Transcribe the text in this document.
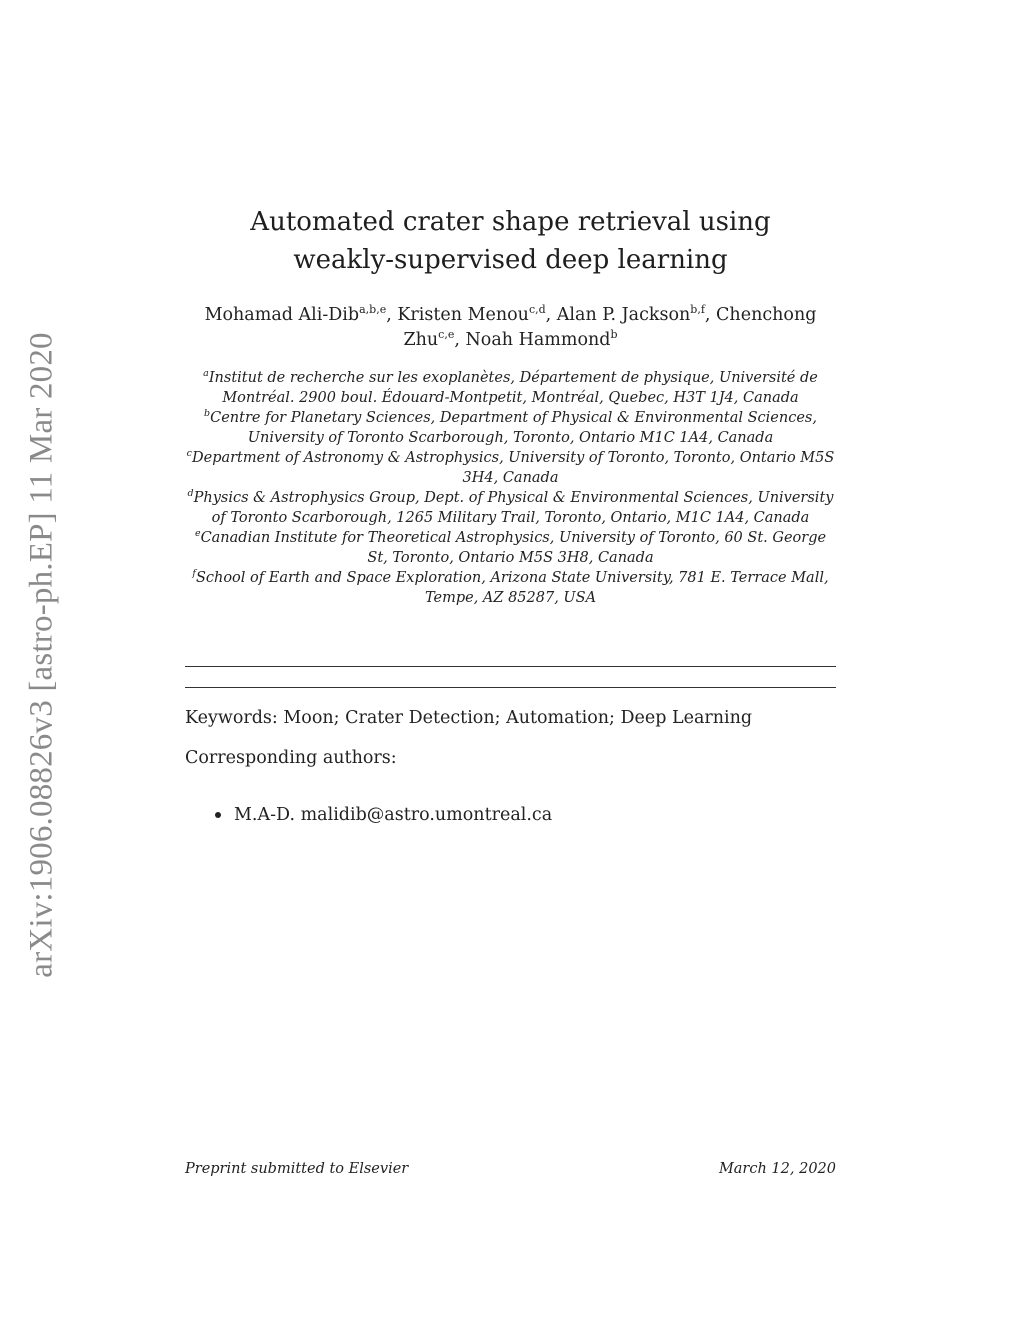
arXiv:1906.08826v3 [astro-ph.EP] 11 Mar 2020
Automated crater shape retrieval using
weakly-supervised deep learning
Mohamad Ali-Dib$^{a,b,e}$, Kristen Menou$^{c,d}$, Alan P. Jackson$^{b,f}$, Chenchong Zhu$^{c,e}$, Noah Hammond$^b$
$^a$Institut de recherche sur les exoplanètes, Département de physique, Université de Montréal. 2900 boul. Édouard-Montpetit, Montréal, Quebec, H3T 1J4, Canada
$^b$Centre for Planetary Sciences, Department of Physical & Environmental Sciences, University of Toronto Scarborough, Toronto, Ontario M1C 1A4, Canada
$^c$Department of Astronomy & Astrophysics, University of Toronto, Toronto, Ontario M5S 3H4, Canada
$^d$Physics & Astrophysics Group, Dept. of Physical & Environmental Sciences, University of Toronto Scarborough, 1265 Military Trail, Toronto, Ontario, M1C 1A4, Canada
$^e$Canadian Institute for Theoretical Astrophysics, University of Toronto, 60 St. George St, Toronto, Ontario M5S 3H8, Canada
$^f$School of Earth and Space Exploration, Arizona State University, 781 E. Terrace Mall, Tempe, AZ 85287, USA
Keywords: Moon; Crater Detection; Automation; Deep Learning
Corresponding authors:
M.A-D. malidib@astro.umontreal.ca
Preprint submitted to Elsevier	March 12, 2020
